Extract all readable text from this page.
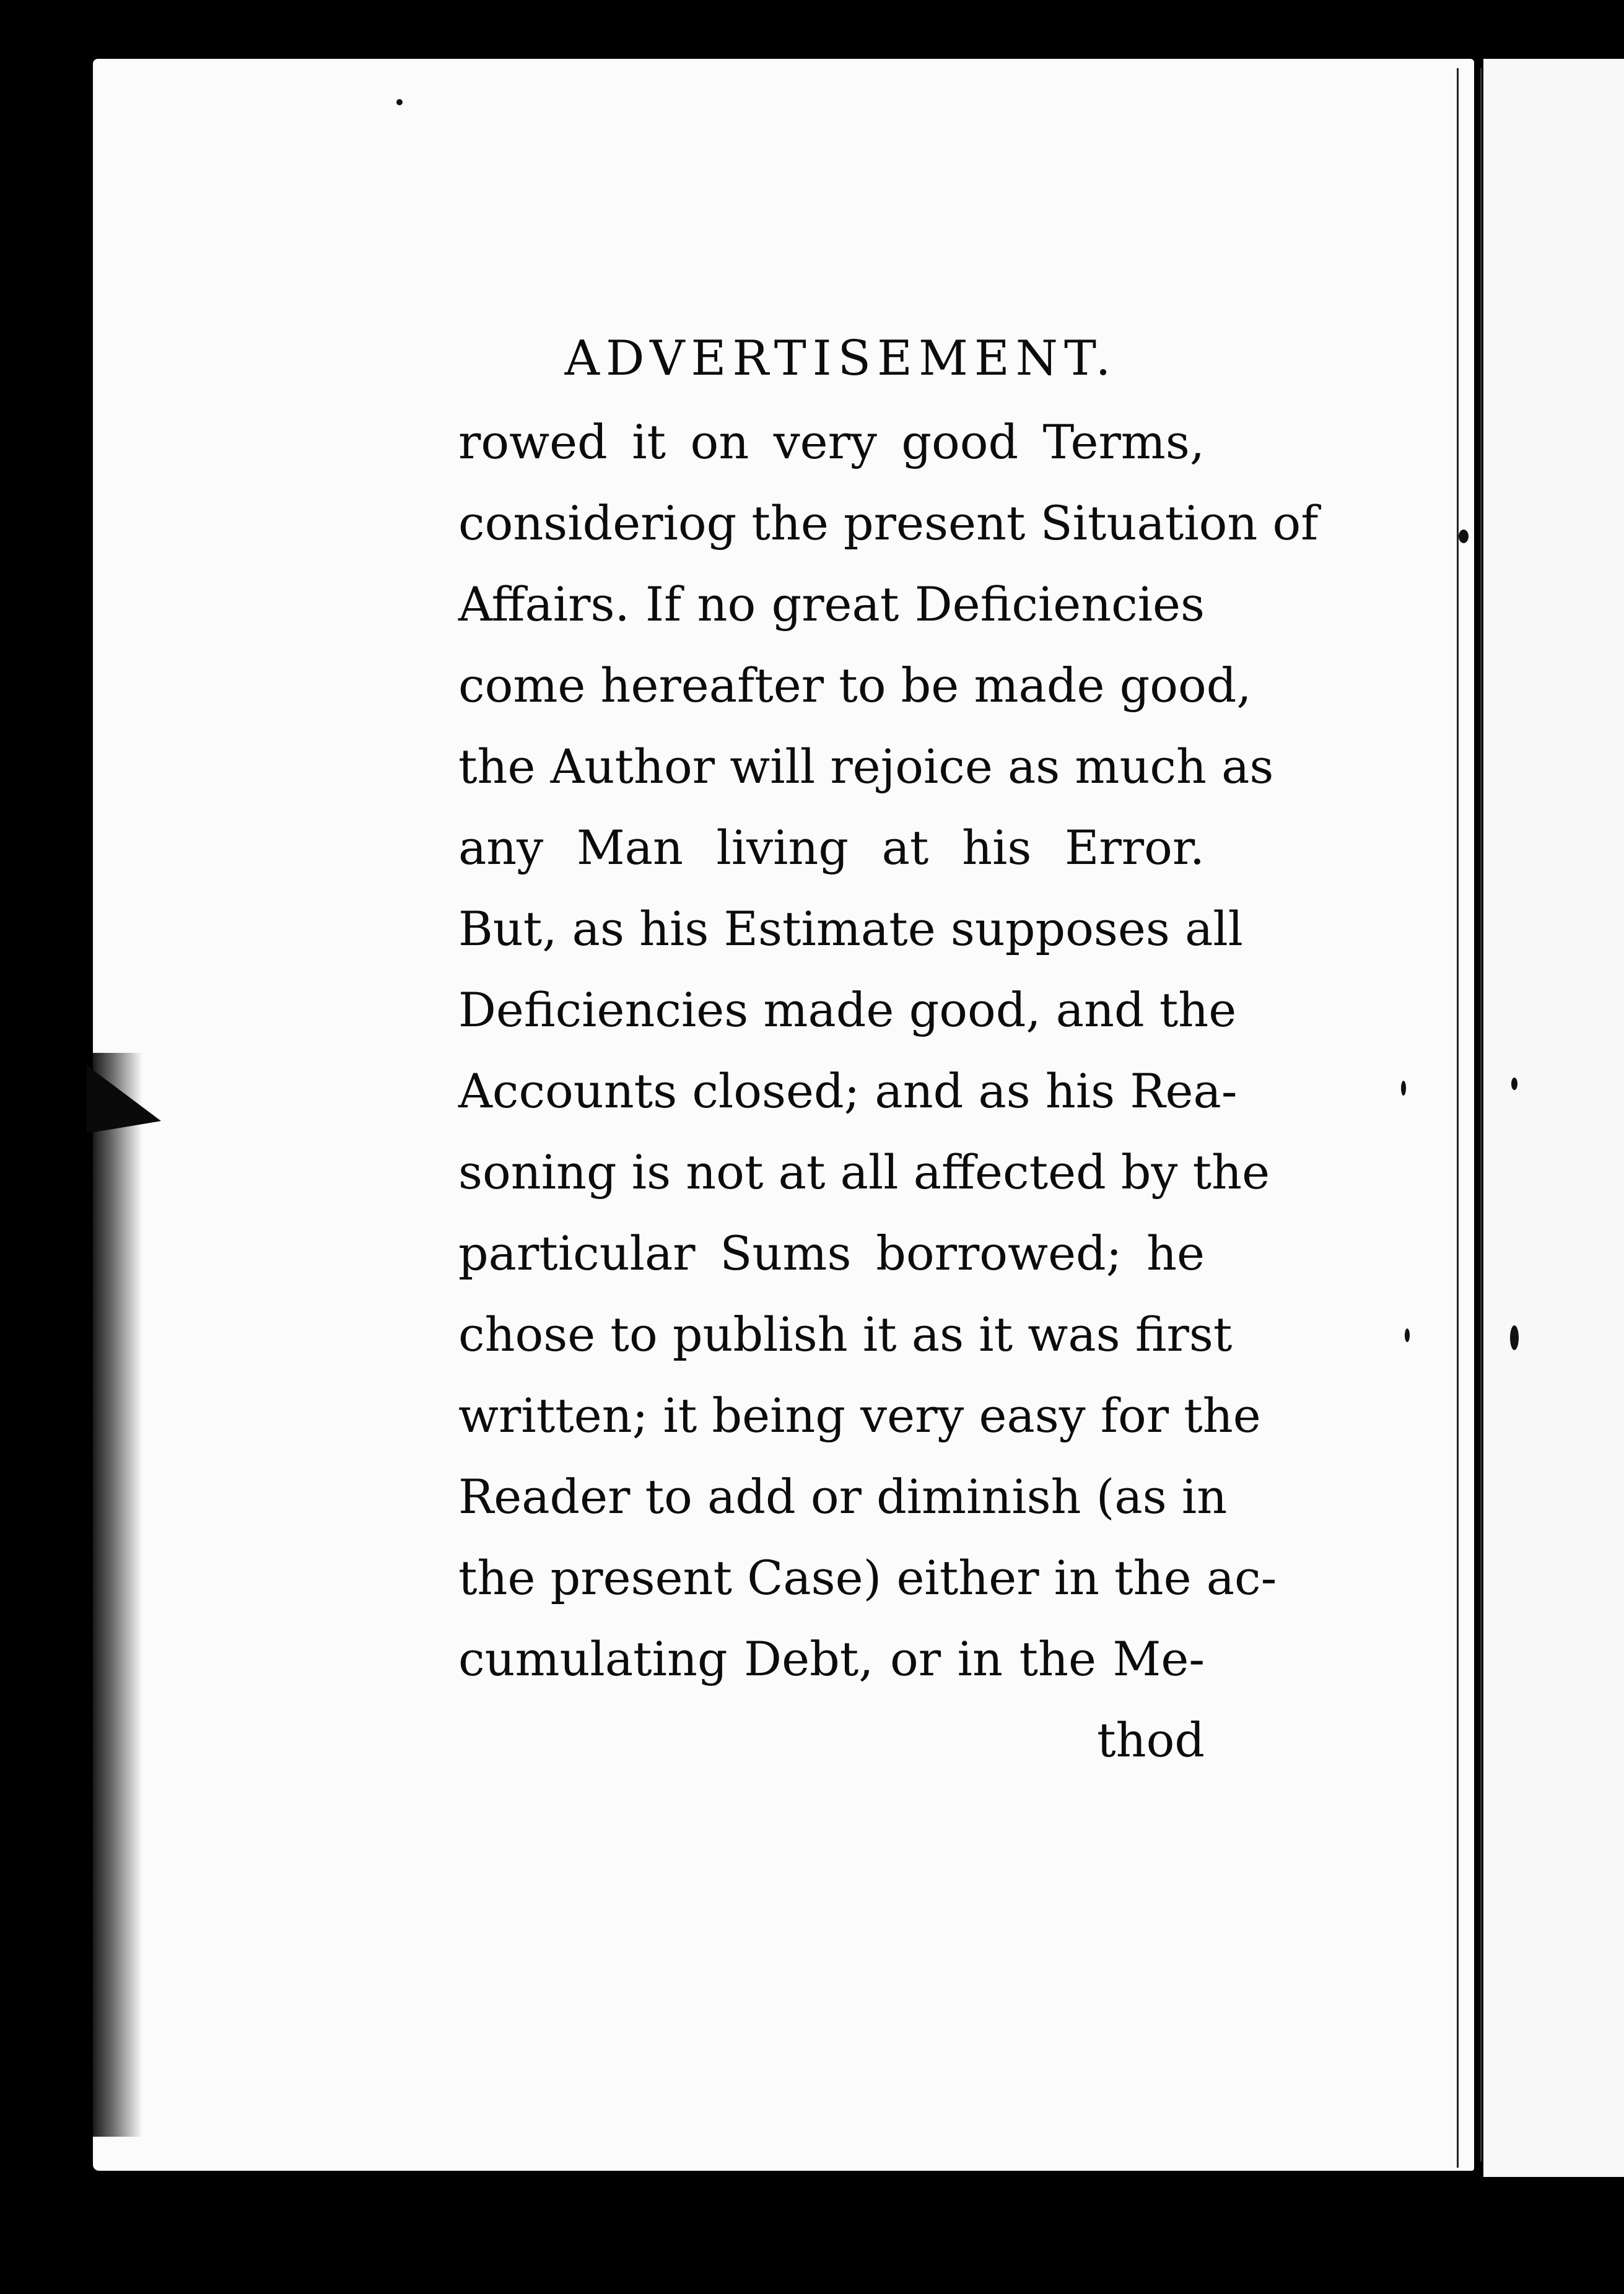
ADVERTISEMENT.
rowed it on very good Terms,
consideriog the present Situation of
Affairs. If no great Deficiencies
come hereafter to be made good,
the Author will rejoice as much as
any Man living at his Error.
But, as his Estimate supposes all
Deficiencies made good, and the
Accounts closed; and as his Rea-
soning is not at all affected by the
particular Sums borrowed; he
chose to publish it as it was first
written; it being very easy for the
Reader to add or diminish (as in
the present Case) either in the ac-
cumulating Debt, or in the Me-
thod
